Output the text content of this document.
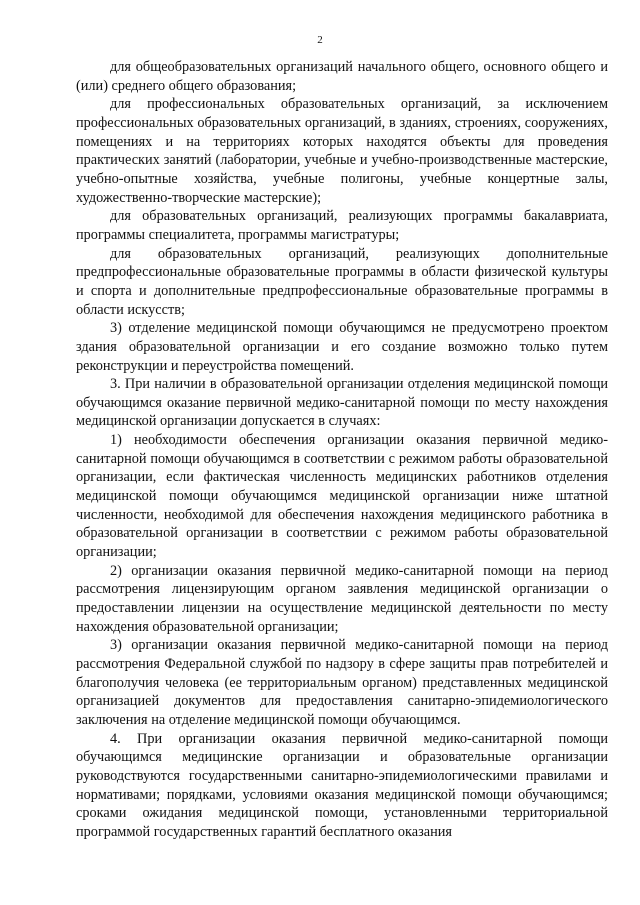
2

для общеобразовательных организаций начального общего, основного общего и (или) среднего общего образования;

для профессиональных образовательных организаций, за исключением профессиональных образовательных организаций, в зданиях, строениях, сооружениях, помещениях и на территориях которых находятся объекты для проведения практических занятий (лаборатории, учебные и учебно-производственные мастерские, учебно-опытные хозяйства, учебные полигоны, учебные концертные залы, художественно-творческие мастерские);

для образовательных организаций, реализующих программы бакалавриата, программы специалитета, программы магистратуры;

для образовательных организаций, реализующих дополнительные предпрофессиональные образовательные программы в области физической культуры и спорта и дополнительные предпрофессиональные образовательные программы в области искусств;

3) отделение медицинской помощи обучающимся не предусмотрено проектом здания образовательной организации и его создание возможно только путем реконструкции и переустройства помещений.

3. При наличии в образовательной организации отделения медицинской помощи обучающимся оказание первичной медико-санитарной помощи по месту нахождения медицинской организации допускается в случаях:

1) необходимости обеспечения организации оказания первичной медико-санитарной помощи обучающимся в соответствии с режимом работы образовательной организации, если фактическая численность медицинских работников отделения медицинской помощи обучающимся медицинской организации ниже штатной численности, необходимой для обеспечения нахождения медицинского работника в образовательной организации в соответствии с режимом работы образовательной организации;

2) организации оказания первичной медико-санитарной помощи на период рассмотрения лицензирующим органом заявления медицинской организации о предоставлении лицензии на осуществление медицинской деятельности по месту нахождения образовательной организации;

3) организации оказания первичной медико-санитарной помощи на период рассмотрения Федеральной службой по надзору в сфере защиты прав потребителей и благополучия человека (ее территориальным органом) представленных медицинской организацией документов для предоставления санитарно-эпидемиологического заключения на отделение медицинской помощи обучающимся.

4. При организации оказания первичной медико-санитарной помощи обучающимся медицинские организации и образовательные организации руководствуются государственными санитарно-эпидемиологическими правилами и нормативами; порядками, условиями оказания медицинской помощи обучающимся; сроками ожидания медицинской помощи, установленными территориальной программой государственных гарантий бесплатного оказания
